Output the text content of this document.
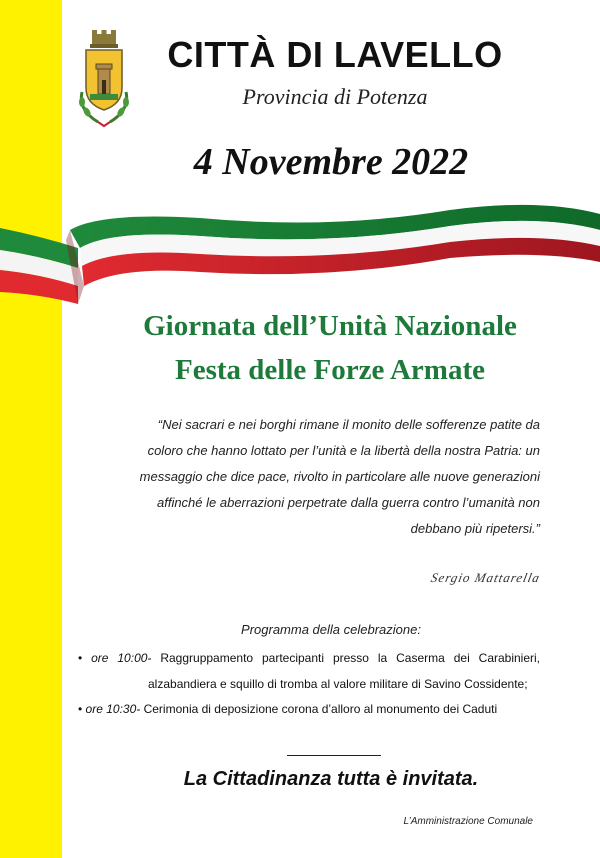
CITTÀ DI LAVELLO
Provincia di Potenza
4 Novembre 2022
Giornata dell’Unità Nazionale
Festa delle Forze Armate
“Nei sacrari e nei borghi rimane il monito delle sofferenze patite da
coloro che hanno lottato per l’unità e la libertà della nostra Patria: un
messaggio che dice pace, rivolto in particolare alle nuove generazioni
affinché le aberrazioni perpetrate dalla guerra contro l’umanità non
debbano più ripetersi.”
Sergio Mattarella
Programma della celebrazione:
• ore 10:00- Raggruppamento partecipanti presso la Caserma dei Carabinieri,
alzabandiera e squillo di tromba al valore militare di Savino Cossidente;
• ore 10:30- Cerimonia di deposizione corona d’alloro al monumento dei Caduti
La Cittadinanza tutta è invitata.
L’Amministrazione Comunale
